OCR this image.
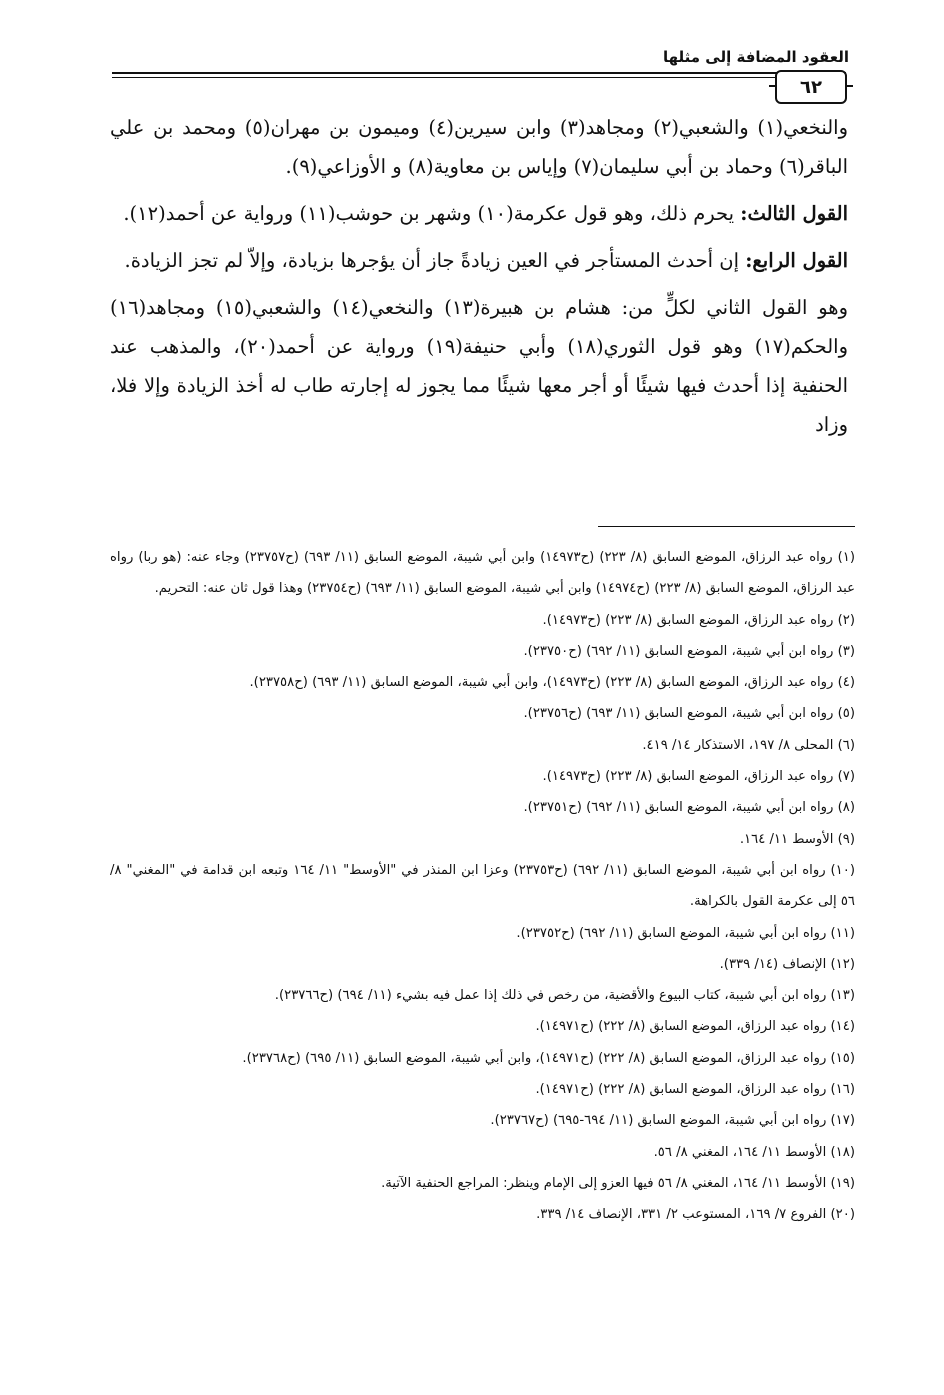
العقود المضافة إلى مثلها
٦٢

والنخعي(١) والشعبي(٢) ومجاهد(٣) وابن سيرين(٤) وميمون بن مهران(٥) ومحمد بن علي الباقر(٦) وحماد بن أبي سليمان(٧) وإياس بن معاوية(٨) و الأوزاعي(٩).

القول الثالث: يحرم ذلك، وهو قول عكرمة(١٠) وشهر بن حوشب(١١) ورواية عن أحمد(١٢).

القول الرابع: إن أحدث المستأجر في العين زيادةً جاز أن يؤجرها بزيادة، وإلاّ لم تجز الزيادة.

وهو القول الثاني لكلٍّ من: هشام بن هبيرة(١٣) والنخعي(١٤) والشعبي(١٥) ومجاهد(١٦) والحكم(١٧) وهو قول الثوري(١٨) وأبي حنيفة(١٩) ورواية عن أحمد(٢٠)، والمذهب عند الحنفية إذا أحدث فيها شيئًا أو أجر معها شيئًا مما يجوز له إجارته طاب له أخذ الزيادة وإلا فلا، وزاد

(١) رواه عبد الرزاق، الموضع السابق (٨/ ٢٢٣) (ح١٤٩٧٣) وابن أبي شيبة، الموضع السابق (١١/ ٦٩٣) (ح٢٣٧٥٧) وجاء عنه: (هو ربا) رواه عبد الرزاق، الموضع السابق (٨/ ٢٢٣) (ح١٤٩٧٤) وابن أبي شيبة، الموضع السابق (١١/ ٦٩٣) (ح٢٣٧٥٤) وهذا قول ثان عنه: التحريم.
(٢) رواه عبد الرزاق، الموضع السابق (٨/ ٢٢٣) (ح١٤٩٧٣).
(٣) رواه ابن أبي شيبة، الموضع السابق (١١/ ٦٩٢) (ح٢٣٧٥٠).
(٤) رواه عبد الرزاق، الموضع السابق (٨/ ٢٢٣) (ح١٤٩٧٣)، وابن أبي شيبة، الموضع السابق (١١/ ٦٩٣) (ح٢٣٧٥٨).
(٥) رواه ابن أبي شيبة، الموضع السابق (١١/ ٦٩٣) (ح٢٣٧٥٦).
(٦) المحلى ٨/ ١٩٧، الاستذكار ١٤/ ٤١٩.
(٧) رواه عبد الرزاق، الموضع السابق (٨/ ٢٢٣) (ح١٤٩٧٣).
(٨) رواه ابن أبي شيبة، الموضع السابق (١١/ ٦٩٢) (ح٢٣٧٥١).
(٩) الأوسط ١١/ ١٦٤.
(١٠) رواه ابن أبي شيبة، الموضع السابق (١١/ ٦٩٢) (ح٢٣٧٥٣) وعزا ابن المنذر في "الأوسط" ١١/ ١٦٤ وتبعه ابن قدامة في "المغني" ٨/ ٥٦ إلى عكرمة القول بالكراهة.
(١١) رواه ابن أبي شيبة، الموضع السابق (١١/ ٦٩٢) (ح٢٣٧٥٢).
(١٢) الإنصاف (١٤/ ٣٣٩).
(١٣) رواه ابن أبي شيبة، كتاب البيوع والأقضية، من رخص في ذلك إذا عمل فيه بشيء (١١/ ٦٩٤) (ح٢٣٧٦٦).
(١٤) رواه عبد الرزاق، الموضع السابق (٨/ ٢٢٢) (ح١٤٩٧١).
(١٥) رواه عبد الرزاق، الموضع السابق (٨/ ٢٢٢) (ح١٤٩٧١)، وابن أبي شيبة، الموضع السابق (١١/ ٦٩٥) (ح٢٣٧٦٨).
(١٦) رواه عبد الرزاق، الموضع السابق (٨/ ٢٢٢) (ح١٤٩٧١).
(١٧) رواه ابن أبي شيبة، الموضع السابق (١١/ ٦٩٤-٦٩٥) (ح٢٣٧٦٧).
(١٨) الأوسط ١١/ ١٦٤، المغني ٨/ ٥٦.
(١٩) الأوسط ١١/ ١٦٤، المغني ٨/ ٥٦ فيها العزو إلى الإمام وينظر: المراجع الحنفية الآتية.
(٢٠) الفروع ٧/ ١٦٩، المستوعب ٢/ ٣٣١، الإنصاف ١٤/ ٣٣٩.
